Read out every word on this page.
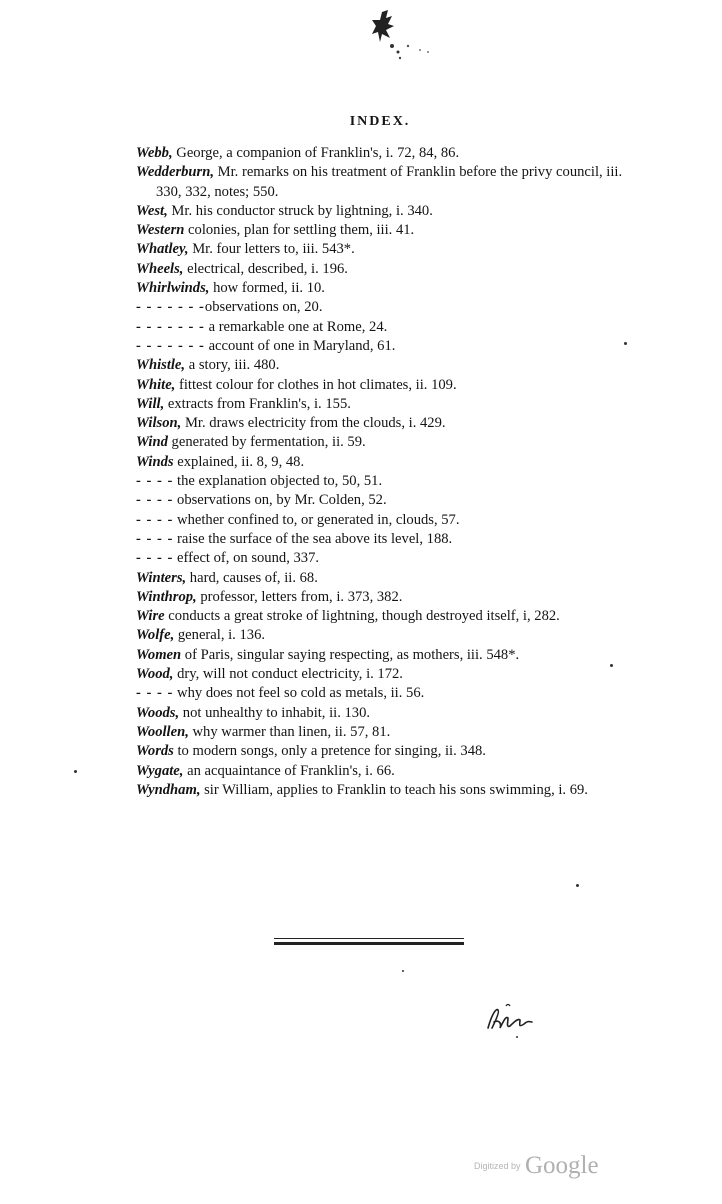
INDEX.
Webb, George, a companion of Franklin's, i. 72, 84, 86.
Wedderburn, Mr. remarks on his treatment of Franklin before the privy council, iii. 330, 332, notes; 550.
West, Mr. his conductor struck by lightning, i. 340.
Western colonies, plan for settling them, iii. 41.
Whatley, Mr. four letters to, iii. 543*.
Wheels, electrical, described, i. 196.
Whirlwinds, how formed, ii. 10.
- - - - - - -observations on, 20.
- - - - - - - a remarkable one at Rome, 24.
- - - - - - - account of one in Maryland, 61.
Whistle, a story, iii. 480.
White, fittest colour for clothes in hot climates, ii. 109.
Will, extracts from Franklin's, i. 155.
Wilson, Mr. draws electricity from the clouds, i. 429.
Wind generated by fermentation, ii. 59.
Winds explained, ii. 8, 9, 48.
- - - - the explanation objected to, 50, 51.
- - - - observations on, by Mr. Colden, 52.
- - - - whether confined to, or generated in, clouds, 57.
- - - - raise the surface of the sea above its level, 188.
- - - - effect of, on sound, 337.
Winters, hard, causes of, ii. 68.
Winthrop, professor, letters from, i. 373, 382.
Wire conducts a great stroke of lightning, though destroyed itself, i, 282.
Wolfe, general, i. 136.
Women of Paris, singular saying respecting, as mothers, iii. 548*.
Wood, dry, will not conduct electricity, i. 172.
- - - - why does not feel so cold as metals, ii. 56.
Woods, not unhealthy to inhabit, ii. 130.
Woollen, why warmer than linen, ii. 57, 81.
Words to modern songs, only a pretence for singing, ii. 348.
Wygate, an acquaintance of Franklin's, i. 66.
Wyndham, sir William, applies to Franklin to teach his sons swimming, i. 69.
Digitized by Google
